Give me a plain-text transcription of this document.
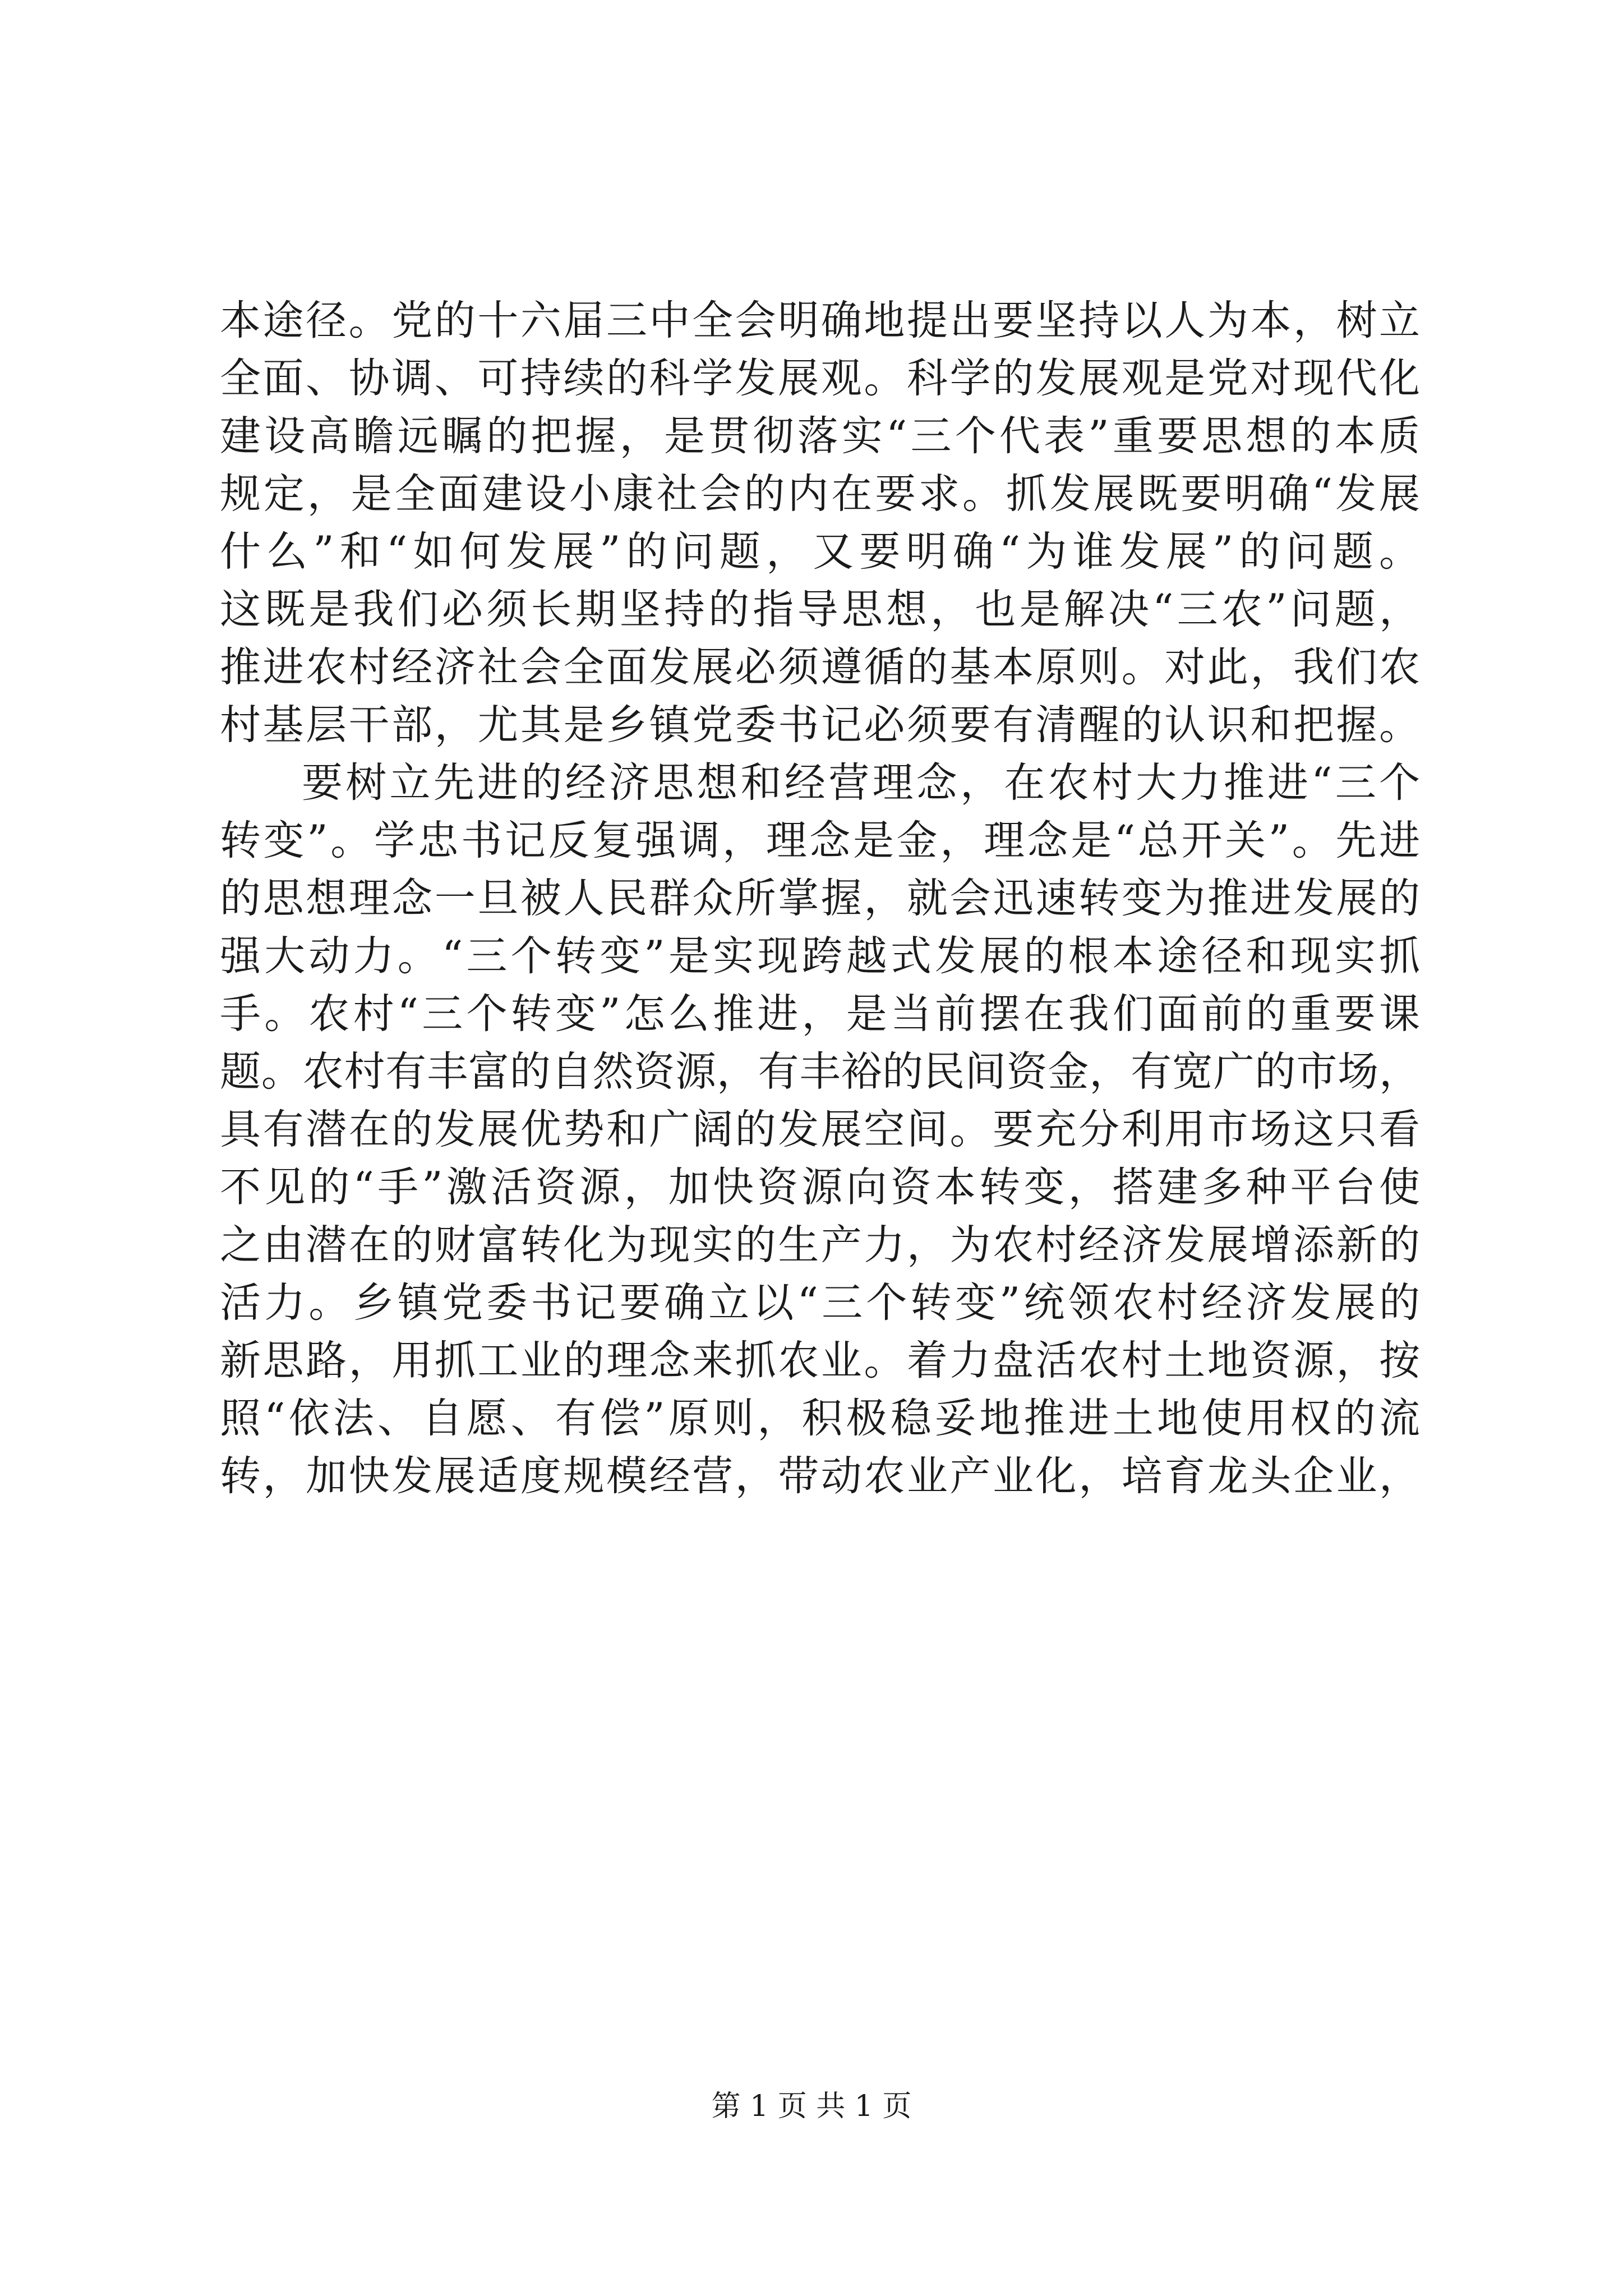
本途径。党的十六届三中全会明确地提出要坚持以人为本，树立
全面、协调、可持续的科学发展观。科学的发展观是党对现代化
建设高瞻远瞩的把握，是贯彻落实“三个代表”重要思想的本质
规定，是全面建设小康社会的内在要求。抓发展既要明确“发展
什么”和“如何发展”的问题，又要明确“为谁发展”的问题。
这既是我们必须长期坚持的指导思想，也是解决“三农”问题，
推进农村经济社会全面发展必须遵循的基本原则。对此，我们农
村基层干部，尤其是乡镇党委书记必须要有清醒的认识和把握。
要树立先进的经济思想和经营理念，在农村大力推进“三个
转变”。学忠书记反复强调，理念是金，理念是“总开关”。先进
的思想理念一旦被人民群众所掌握，就会迅速转变为推进发展的
强大动力。“三个转变”是实现跨越式发展的根本途径和现实抓
手。农村“三个转变”怎么推进，是当前摆在我们面前的重要课
题。农村有丰富的自然资源，有丰裕的民间资金，有宽广的市场，
具有潜在的发展优势和广阔的发展空间。要充分利用市场这只看
不见的“手”激活资源，加快资源向资本转变，搭建多种平台使
之由潜在的财富转化为现实的生产力，为农村经济发展增添新的
活力。乡镇党委书记要确立以“三个转变”统领农村经济发展的
新思路，用抓工业的理念来抓农业。着力盘活农村土地资源，按
照“依法、自愿、有偿”原则，积极稳妥地推进土地使用权的流
转，加快发展适度规模经营，带动农业产业化，培育龙头企业，
第 1 页 共 1 页
